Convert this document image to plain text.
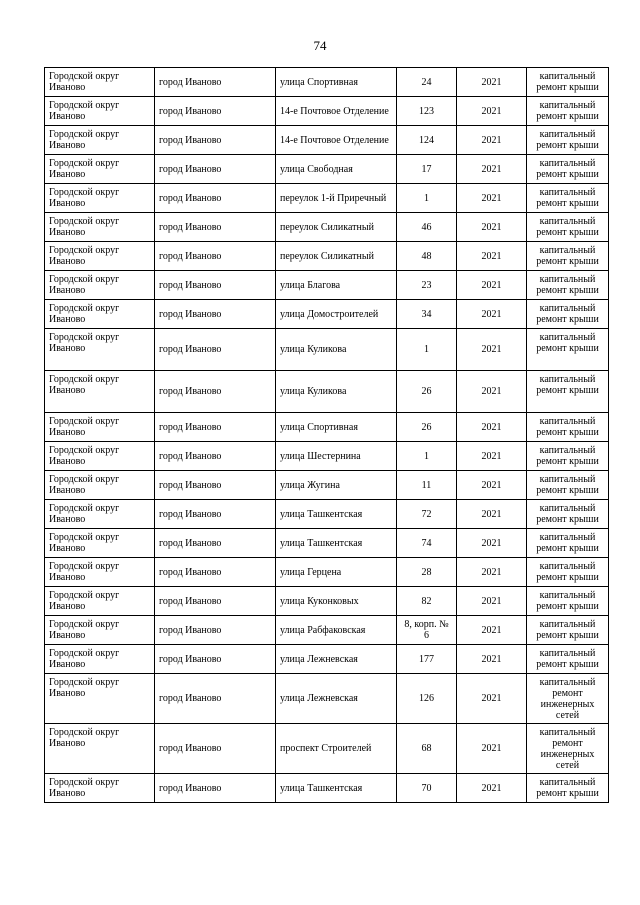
74
Городской округ Иваново	город Иваново	улица Спортивная	24	2021	капитальный ремонт крыши
Городской округ Иваново	город Иваново	14-е Почтовое Отделение	123	2021	капитальный ремонт крыши
Городской округ Иваново	город Иваново	14-е Почтовое Отделение	124	2021	капитальный ремонт крыши
Городской округ Иваново	город Иваново	улица Свободная	17	2021	капитальный ремонт крыши
Городской округ Иваново	город Иваново	переулок 1-й Приречный	1	2021	капитальный ремонт крыши
Городской округ Иваново	город Иваново	переулок Силикатный	46	2021	капитальный ремонт крыши
Городской округ Иваново	город Иваново	переулок Силикатный	48	2021	капитальный ремонт крыши
Городской округ Иваново	город Иваново	улица Благова	23	2021	капитальный ремонт крыши
Городской округ Иваново	город Иваново	улица Домостроителей	34	2021	капитальный ремонт крыши
Городской округ Иваново	город Иваново	улица Куликова	1	2021	капитальный ремонт крыши
Городской округ Иваново	город Иваново	улица Куликова	26	2021	капитальный ремонт крыши
Городской округ Иваново	город Иваново	улица Спортивная	26	2021	капитальный ремонт крыши
Городской округ Иваново	город Иваново	улица Шестернина	1	2021	капитальный ремонт крыши
Городской округ Иваново	город Иваново	улица Жугина	11	2021	капитальный ремонт крыши
Городской округ Иваново	город Иваново	улица Ташкентская	72	2021	капитальный ремонт крыши
Городской округ Иваново	город Иваново	улица Ташкентская	74	2021	капитальный ремонт крыши
Городской округ Иваново	город Иваново	улица Герцена	28	2021	капитальный ремонт крыши
Городской округ Иваново	город Иваново	улица Куконковых	82	2021	капитальный ремонт крыши
Городской округ Иваново	город Иваново	улица Рабфаковская	8, корп. № 6	2021	капитальный ремонт крыши
Городской округ Иваново	город Иваново	улица Лежневская	177	2021	капитальный ремонт крыши
Городской округ Иваново	город Иваново	улица Лежневская	126	2021	капитальный ремонт инженерных сетей
Городской округ Иваново	город Иваново	проспект Строителей	68	2021	капитальный ремонт инженерных сетей
Городской округ Иваново	город Иваново	улица Ташкентская	70	2021	капитальный ремонт крыши
